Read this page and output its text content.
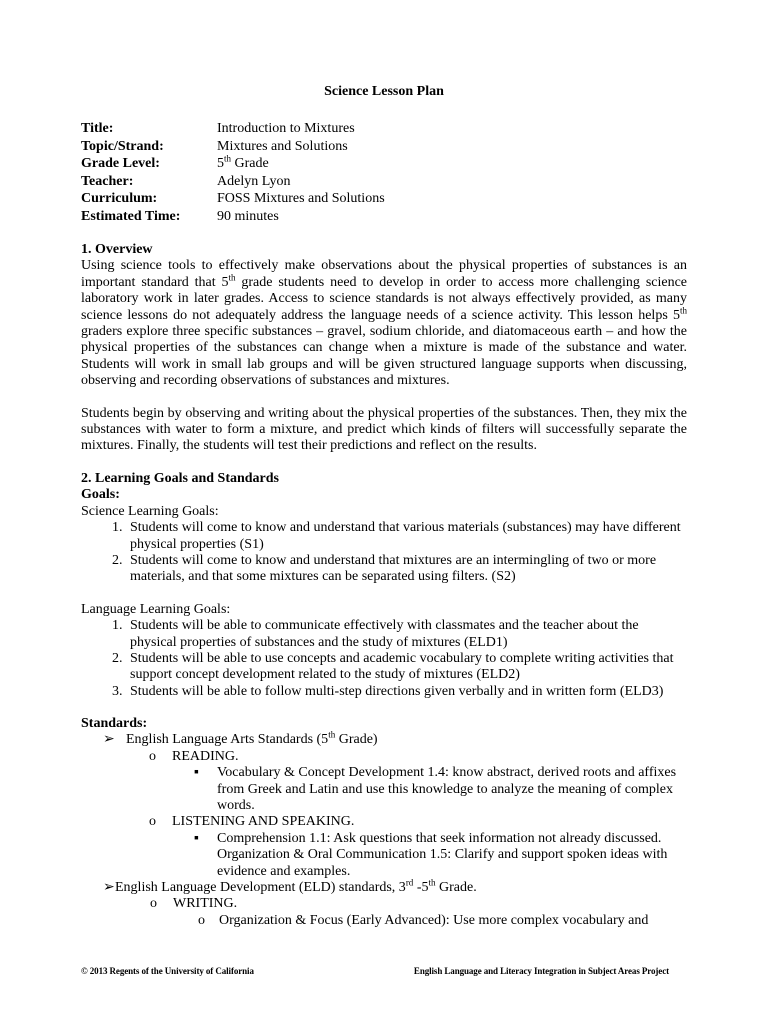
Science Lesson Plan
Title:	Introduction to Mixtures
Topic/Strand:	Mixtures and Solutions
Grade Level:	5th Grade
Teacher:	Adelyn Lyon
Curriculum:	FOSS Mixtures and Solutions
Estimated Time:	90 minutes
1. Overview

Using science tools to effectively make observations about the physical properties of substances is an important standard that 5th grade students need to develop in order to access more challenging science laboratory work in later grades. Access to science standards is not always effectively provided, as many science lessons do not adequately address the language needs of a science activity. This lesson helps 5th graders explore three specific substances – gravel, sodium chloride, and diatomaceous earth – and how the physical properties of the substances can change when a mixture is made of the substance and water. Students will work in small lab groups and will be given structured language supports when discussing, observing and recording observations of substances and mixtures.

Students begin by observing and writing about the physical properties of the substances. Then, they mix the substances with water to form a mixture, and predict which kinds of filters will successfully separate the mixtures. Finally, the students will test their predictions and reflect on the results.

2. Learning Goals and Standards
Goals:

Science Learning Goals:

1. Students will come to know and understand that various materials (substances) may have different physical properties (S1)
2. Students will come to know and understand that mixtures are an intermingling of two or more materials, and that some mixtures can be separated using filters. (S2)

Language Learning Goals:

1. Students will be able to communicate effectively with classmates and the teacher about the physical properties of substances and the study of mixtures (ELD1)
2. Students will be able to use concepts and academic vocabulary to complete writing activities that support concept development related to the study of mixtures (ELD2)
3. Students will be able to follow multi-step directions given verbally and in written form (ELD3)
Standards:
➢ English Language Arts Standards (5th Grade)
o	READING.
▪	Vocabulary & Concept Development 1.4: know abstract, derived roots and affixes from Greek and Latin and use this knowledge to analyze the meaning of complex words.
o	LISTENING AND SPEAKING.
▪	Comprehension 1.1: Ask questions that seek information not already discussed. Organization & Oral Communication 1.5: Clarify and support spoken ideas with evidence and examples.
➢ English Language Development (ELD) standards, 3rd -5th Grade.
o	WRITING.
o	Organization & Focus (Early Advanced): Use more complex vocabulary and
© 2013 Regents of the University of California	English Language and Literacy Integration in Subject Areas Project
